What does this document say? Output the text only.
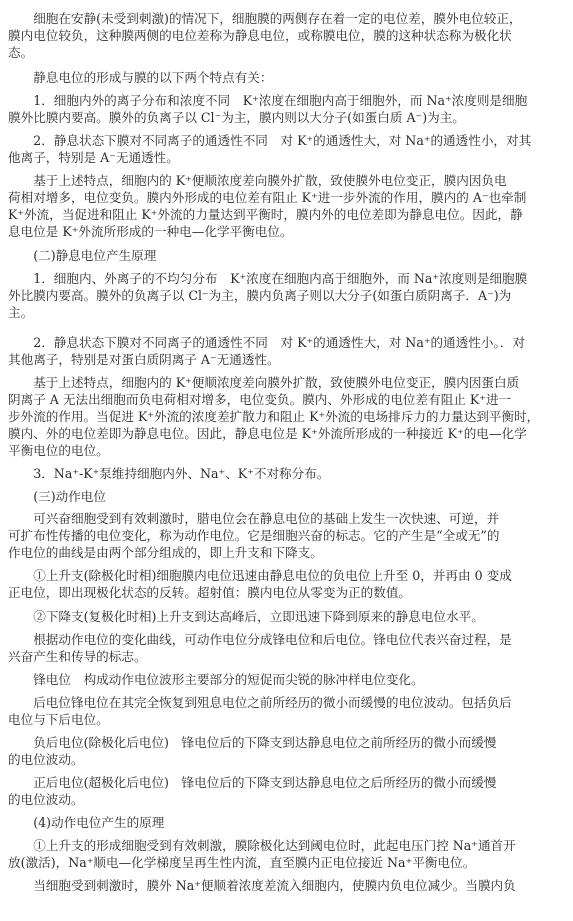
　　细胞在安静(未受到刺激)的情况下，细胞膜的两侧存在着一定的电位差，膜外电位较正，
膜内电位较负，这种膜两侧的电位差称为静息电位，或称膜电位，膜的这种状态称为极化状
态。
　　静息电位的形成与膜的以下两个特点有关：
　　1．细胞内外的离子分布和浓度不同　K⁺浓度在细胞内高于细胞外，而 Na⁺浓度则是细胞
膜外比膜内要高。膜外的负离子以 Cl⁻为主，膜内则以大分子(如蛋白质 A⁻)为主。
　　2．静息状态下膜对不同离子的通透性不同　对 K⁺的通透性大，对 Na⁺的通透性小，对其
他离子，特别是 A⁻无通透性。
　　基于上述特点，细胞内的 K⁺便顺浓度差向膜外扩散，致使膜外电位变正，膜内因负电
荷相对增多，电位变负。膜内外形成的电位差有阻止 K⁺进一步外流的作用，膜内的 A⁻也牵制
K⁺外流，当促进和阻止 K⁺外流的力量达到平衡时，膜内外的电位差即为静息电位。因此，静
息电位是 K⁺外流所形成的一种电—化学平衡电位。
　　(二)静息电位产生原理
　　1．细胞内、外离子的不均匀分布　K⁺浓度在细胞内高于细胞外，而 Na⁺浓度则是细胞膜
外比膜内要高。膜外的负离子以 Cl⁻为主，膜内负离子则以大分子(如蛋白质阴离子．A⁻)为
主。
　　2．静息状态下膜对不同离子的通透性不同　对 K⁺的通透性大，对 Na⁺的通透性小。．对
其他离子，特别是对蛋白质阴离子 A⁻无通透性。
　　基于上述特点，细胞内的 K⁺便顺浓度差向膜外扩散，致使膜外电位变正，膜内因蛋白质
阴离子 A 无法出细胞而负电荷相对增多，电位变负。膜内、外形成的电位差有阻止 K⁺进一
步外流的作用。当促进 K⁺外流的浓度差扩散力和阻止 K⁺外流的电场排斥力的力量达到平衡时，
膜内、外的电位差即为静息电位。因此，静息电位是 K⁺外流所形成的一种接近 K⁺的电—化学
平衡电位的电位。
　　3．Na⁺-K⁺泵维持细胞内外、Na⁺、K⁺不对称分布。
　　(三)动作电位
　　可兴奋细胞受到有效刺激时，腊电位会在静息电位的基础上发生一次快速、可逆，并
可扩布性传播的电位变化，称为动作电位。它是细胞兴奋的标志。它的产生是“全或无”的
作电位的曲线是由两个部分组成的，即上升支和下降支。
　　①上升支(除极化时相)细胞膜内电位迅速由静息电位的负电位上升至 0，并再由 0 变成
正电位，即出现极化状态的反转。超射值：膜内电位从零变为正的数值。
　　②下降支(复极化时相)上升支到达高峰后，立即迅速下降到原来的静息电位水平。
　　根据动作电位的变化曲线，可动作电位分成锋电位和后电位。锋电位代表兴奋过程，是
兴奋产生和传导的标志。
　　锋电位　构成动作电位波形主要部分的短促而尖锐的脉冲样电位变化。
　　后电位锋电位在其完全恢复到殂息电位之前所经历的微小而缓慢的电位波动。包括负后
电位与下后电位。
　　负后电位(除极化后电位)　锋电位后的下降支到达静息电位之前所经历的微小而缓慢
的电位波动。
　　正后电位(超极化后电位)　锋电位后的下降支到达静息电位之后所经历的微小而缓慢
的电位波动。
　　(4)动作电位产生的原理
　　①上升支的形成细胞受到有效刺激，膜除极化达到阈电位时，此起电压门控 Na⁺通首开
放(激活)，Na⁺顺电—化学梯度呈再生性内流，直至膜内正电位接近 Na⁺平衡电位。
　　当细胞受到刺激时，膜外 Na⁺便顺着浓度差流入细胞内，使膜内负电位减少。当膜内负
